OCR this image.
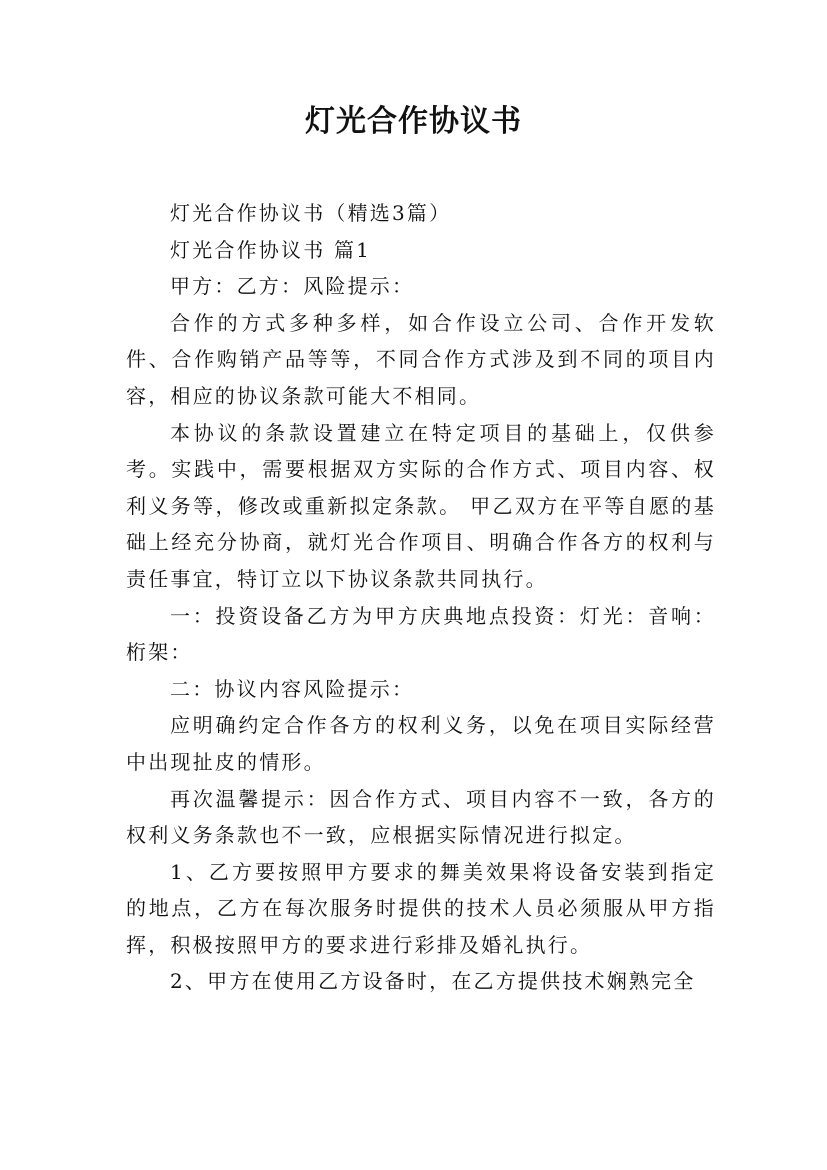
灯光合作协议书

灯光合作协议书（精选3篇）

灯光合作协议书 篇1

甲方：乙方：风险提示：

合作的方式多种多样，如合作设立公司、合作开发软件、合作购销产品等等，不同合作方式涉及到不同的项目内容，相应的协议条款可能大不相同。

本协议的条款设置建立在特定项目的基础上，仅供参考。实践中，需要根据双方实际的合作方式、项目内容、权利义务等，修改或重新拟定条款。 甲乙双方在平等自愿的基础上经充分协商，就灯光合作项目、明确合作各方的权利与责任事宜，特订立以下协议条款共同执行。

一：投资设备乙方为甲方庆典地点投资：灯光：音响：桁架：

二：协议内容风险提示：

应明确约定合作各方的权利义务，以免在项目实际经营中出现扯皮的情形。

再次温馨提示：因合作方式、项目内容不一致，各方的权利义务条款也不一致，应根据实际情况进行拟定。

1、乙方要按照甲方要求的舞美效果将设备安装到指定的地点，乙方在每次服务时提供的技术人员必须服从甲方指挥，积极按照甲方的要求进行彩排及婚礼执行。

2、甲方在使用乙方设备时，在乙方提供技术娴熟完全
